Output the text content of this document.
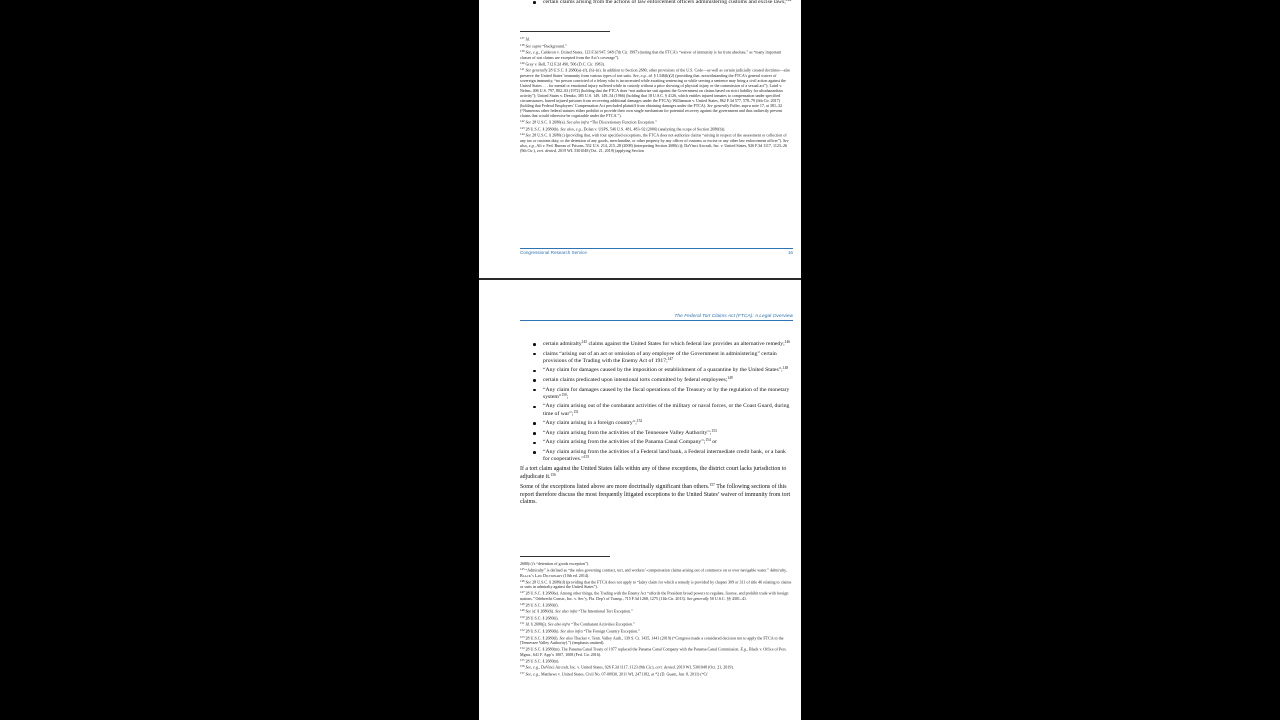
certain claims arising from the actions of law enforcement officers administering customs and excise laws;

$^{137}$Id.

$^{138}$See supra “Background.”

$^{139}$See, e.g., Calderon v. United States, 123 F.3d 947, 948 (7th Cir. 1997) (noting that the FTCA’s “waiver of immunity is far from absolute,” as “many important classes of tort claims are excepted from the Act’s coverage”).

$^{140}$Gray v. Bell, 712 F.2d 490, 506 (D.C. Cir. 1983).

$^{141}$See generally 28 U.S.C. § 2680(a)–(f), (h)–(n). In addition to Section 2680, other provisions of the U.S. Code—as well as certain judicially created doctrines—also preserve the United States’ immunity from various types of tort suits. See, e.g., id. § 1346(b)(2) (providing that, notwithstanding the FTCA’s general waiver of sovereign immunity, “no person convicted of a felony who is incarcerated while awaiting sentencing or while serving a sentence may bring a civil action against the United States . . . for mental or emotional injury suffered while in custody without a prior showing of physical injury or the commission of a sexual act”); Laird v. Nelms, 406 U.S. 797, 802–03 (1972) (holding that the FTCA does “not authorize suit against the Government on claims based on strict liability for ultrahazardous activity”); United States v. Demko, 385 U.S. 149, 149–54 (1966) (holding that 18 U.S.C. § 4126, which entitles injured inmates to compensation under specified circumstances, barred injured prisoner from recovering additional damages under the FTCA); Williamson v. United States, 862 F.3d 577, 578–79 (6th Cir. 2017) (holding that Federal Employees’ Compensation Act precluded plaintiff from obtaining damages under the FTCA). See generally Fuller, supra note 17, at 381–32 (“Numerous other federal statutes either prohibit or provide their own single mechanism for potential recovery against the government and thus indirectly prevent claims that would otherwise be cognizable under the FTCA.”).

$^{142}$See 28 U.S.C. § 2680(a). See also infra “The Discretionary Function Exception.”

$^{143}$28 U.S.C. § 2680(b). See also, e.g., Dolan v. USPS, 546 U.S. 481, 483–92 (2006) (analyzing the scope of Section 2680(b)).

$^{144}$See 28 U.S.C. § 2680(c) (providing that, with four specified exceptions, the FTCA does not authorize claims “arising in respect of the assessment or collection of any tax or customs duty, or the detention of any goods, merchandise, or other property by any officer of customs or excise or any other law enforcement officer”). See also, e.g., Ali v. Fed. Bureau of Prisons, 552 U.S. 214, 215–28 (2008) (interpreting Section 2680(c)); DaVinci Aircraft, Inc. v. United States, 926 F.3d 1117, 1123–26 (9th Cir.), cert. denied, 2019 WL 5301048 (Oct. 21, 2019) (applying Section

Congressional Research Service	16
The Federal Tort Claims Act (FTCA): A Legal Overview
certain admiralty$^{145}$ claims against the United States for which federal law provides an alternative remedy;$^{146}$
claims “arising out of an act or omission of any employee of the Government in administering” certain provisions of the Trading with the Enemy Act of 1917;$^{147}$
“Any claim for damages caused by the imposition or establishment of a quarantine by the United States”;$^{148}$
certain claims predicated upon intentional torts committed by federal employees;$^{149}$
“Any claim for damages caused by the fiscal operations of the Treasury or by the regulation of the monetary system”$^{150}$;
“Any claim arising out of the combatant activities of the military or naval forces, or the Coast Guard, during time of war”;$^{151}$
“Any claim arising in a foreign country”;$^{152}$
“Any claim arising from the activities of the Tennessee Valley Authority”;$^{153}$
“Any claim arising from the activities of the Panama Canal Company”;$^{154}$ or
“Any claim arising from the activities of a Federal land bank, a Federal intermediate credit bank, or a bank for cooperatives.”$^{155}$

If a tort claim against the United States falls within any of these exceptions, the district court lacks jurisdiction to adjudicate it.$^{156}$

Some of the exceptions listed above are more doctrinally significant than others.$^{157}$ The following sections of this report therefore discuss the most frequently litigated exceptions to the United States’ waiver of immunity from tort claims.

2680(c)’s “detention of goods exception”).

$^{145}$“Admiralty” is defined as “the rules governing contract, tort, and workers’-compensation claims arising out of commerce on or over navigable water.” Admiralty, Black’s Law Dictionary (10th ed. 2014).

$^{146}$See 28 U.S.C. § 2680(d) (providing that the FTCA does not apply to “[a]ny claim for which a remedy is provided by chapter 309 or 311 of title 46 relating to claims or suits in admiralty against the United States”).

$^{147}$28 U.S.C. § 2680(e). Among other things, the Trading with the Enemy Act “affords the President broad powers to regulate, license, and prohibit trade with foreign nations.” Odebrecht Constr., Inc. v. Sec’y, Fla. Dep’t of Transp., 715 F.3d 1268, 1275 (11th Cir. 2013). See generally 50 U.S.C. §§ 4301–41.

$^{148}$28 U.S.C. § 2680(f).

$^{149}$See id. § 2680(h). See also infra “The Intentional Tort Exception.”

$^{150}$28 U.S.C. § 2680(i).

$^{151}$Id. § 2680(j). See also infra “The Combatant Activities Exception.”

$^{152}$28 U.S.C. § 2680(k). See also infra “The Foreign Country Exception.”

$^{153}$28 U.S.C. § 2680(l). See also Thacker v. Tenn. Valley Auth., 139 S. Ct. 1435, 1441 (2019) (“Congress made a considered decision not to apply the FTCA to the [Tennessee Valley Authority].”) (emphasis omitted).

$^{154}$28 U.S.C. § 2680(m). The Panama Canal Treaty of 1977 replaced the Panama Canal Company with the Panama Canal Commission. E.g., Black v. Office of Pers. Mgmt., 641 F. App’x 1007, 1008 (Fed. Cir. 2016).

$^{155}$28 U.S.C. § 2680(n).

$^{156}$See, e.g., DaVinci Aircraft, Inc. v. United States, 926 F.3d 1117, 1123 (9th Cir.), cert. denied, 2019 WL 5301048 (Oct. 21, 2019).

$^{157}$See, e.g., Matthews v. United States, Civil No. 07-00930, 2011 WL 2471182, at *2 (D. Guam, Jun. 8, 2011) (“Cf
